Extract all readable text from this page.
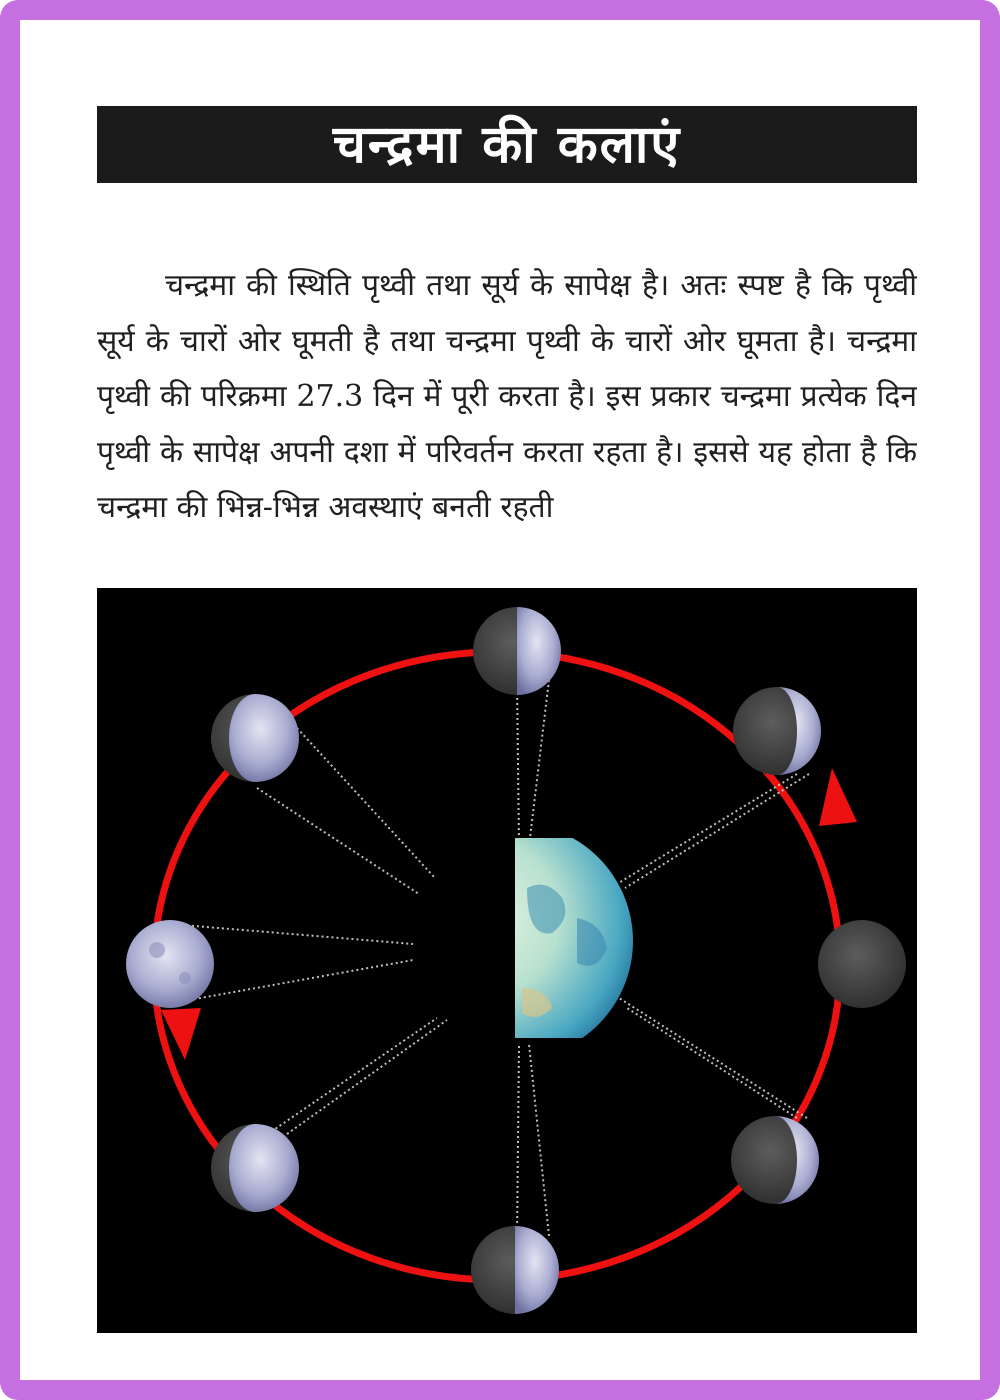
चन्द्रमा की कलाएं

चन्द्रमा की स्थिति पृथ्वी तथा सूर्य के सापेक्ष है। अतः स्पष्ट है कि पृथ्वी सूर्य के चारों ओर घूमती है तथा चन्द्रमा पृथ्वी के चारों ओर घूमता है। चन्द्रमा पृथ्वी की परिक्रमा 27.3 दिन में पूरी करता है। इस प्रकार चन्द्रमा प्रत्येक दिन पृथ्वी के सापेक्ष अपनी दशा में परिवर्तन करता रहता है। इससे यह होता है कि चन्द्रमा की भिन्न-भिन्न अवस्थाएं बनती रहती
